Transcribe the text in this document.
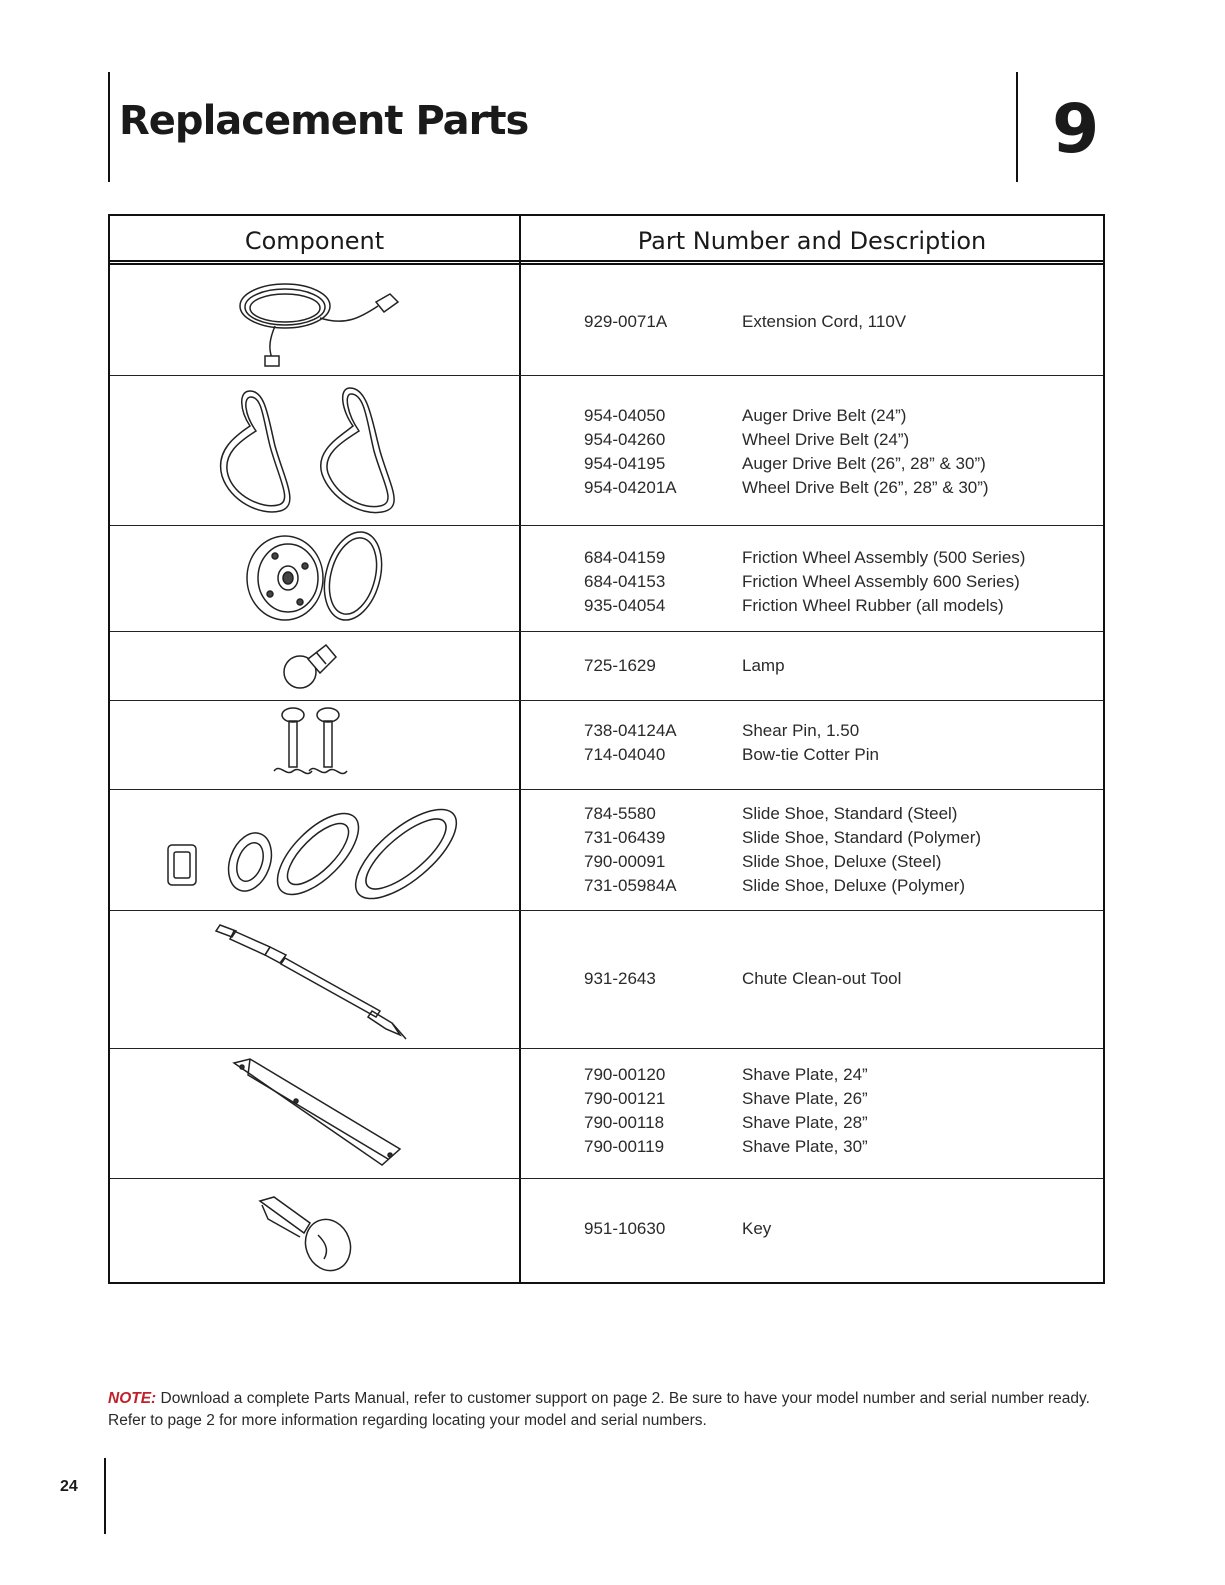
Replacement Parts	9
Component	Part Number and Description
929-0071A	Extension Cord, 110V
954-04050	Auger Drive Belt (24”)
954-04260	Wheel Drive Belt (24”)
954-04195	Auger Drive Belt (26”, 28” & 30”)
954-04201A	Wheel Drive Belt (26”, 28” & 30”)
684-04159	Friction Wheel Assembly (500 Series)
684-04153	Friction Wheel Assembly 600 Series)
935-04054	Friction Wheel Rubber (all models)
725-1629	Lamp
738-04124A	Shear Pin, 1.50
714-04040	Bow-tie Cotter Pin
784-5580	Slide Shoe, Standard (Steel)
731-06439	Slide Shoe, Standard (Polymer)
790-00091	Slide Shoe, Deluxe (Steel)
731-05984A	Slide Shoe, Deluxe (Polymer)
931-2643	Chute Clean-out Tool
790-00120	Shave Plate, 24”
790-00121	Shave Plate, 26”
790-00118	Shave Plate, 28”
790-00119	Shave Plate, 30”
951-10630	Key
NOTE: Download a complete Parts Manual, refer to customer support on page 2. Be sure to have your model number and serial number ready. Refer to page 2 for more information regarding locating your model and serial numbers.
24
